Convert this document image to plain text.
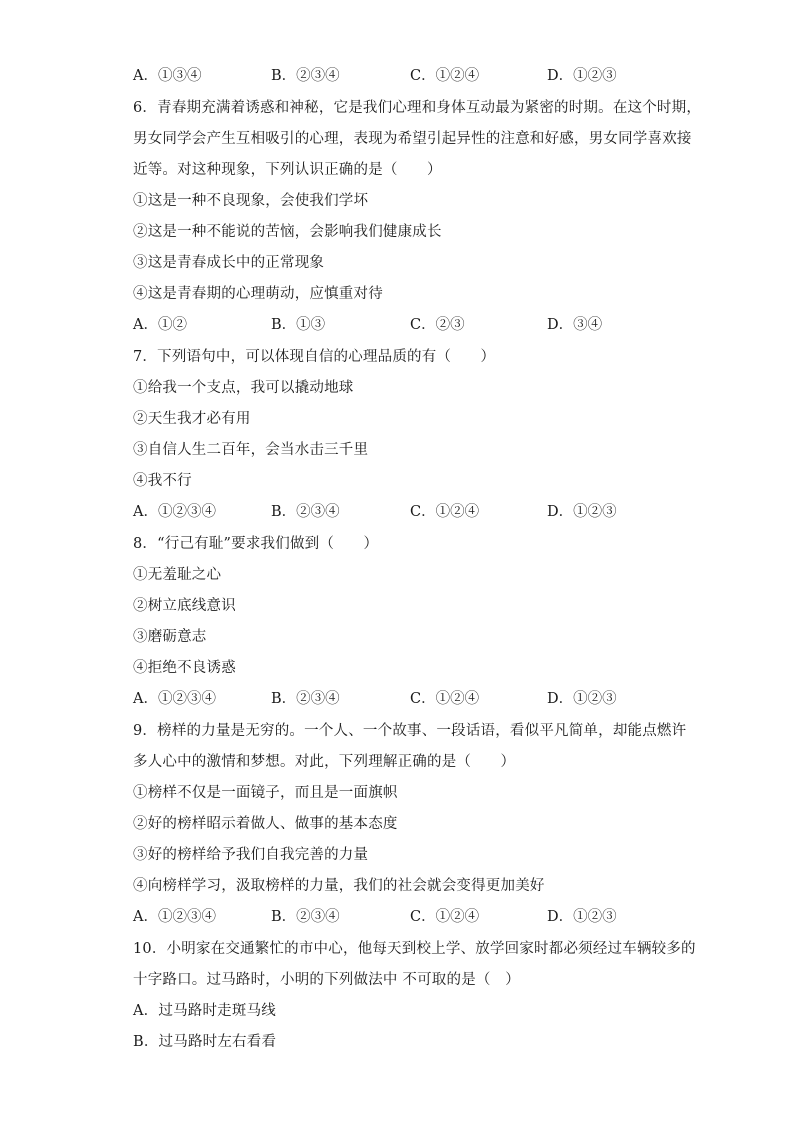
A．①③④	B．②③④	C．①②④	D．①②③
6．青春期充满着诱惑和神秘，它是我们心理和身体互动最为紧密的时期。在这个时期，
男女同学会产生互相吸引的心理，表现为希望引起异性的注意和好感，男女同学喜欢接
近等。对这种现象，下列认识正确的是（　　）
①这是一种不良现象，会使我们学坏
②这是一种不能说的苦恼，会影响我们健康成长
③这是青春成长中的正常现象
④这是青春期的心理萌动，应慎重对待
A．①②	B．①③	C．②③	D．③④
7．下列语句中，可以体现自信的心理品质的有（　　）
①给我一个支点，我可以撬动地球
②天生我才必有用
③自信人生二百年，会当水击三千里
④我不行
A．①②③④	B．②③④	C．①②④	D．①②③
8．“行己有耻”要求我们做到（　　）
①无羞耻之心
②树立底线意识
③磨砺意志
④拒绝不良诱惑
A．①②③④	B．②③④	C．①②④	D．①②③
9．榜样的力量是无穷的。一个人、一个故事、一段话语，看似平凡简单，却能点燃许
多人心中的激情和梦想。对此，下列理解正确的是（　　）
①榜样不仅是一面镜子，而且是一面旗帜
②好的榜样昭示着做人、做事的基本态度
③好的榜样给予我们自我完善的力量
④向榜样学习，汲取榜样的力量，我们的社会就会变得更加美好
A．①②③④	B．②③④	C．①②④	D．①②③
10．小明家在交通繁忙的市中心，他每天到校上学、放学回家时都必须经过车辆较多的
十字路口。过马路时，小明的下列做法中 不可取的是（　）
A．过马路时走斑马线
B．过马路时左右看看
